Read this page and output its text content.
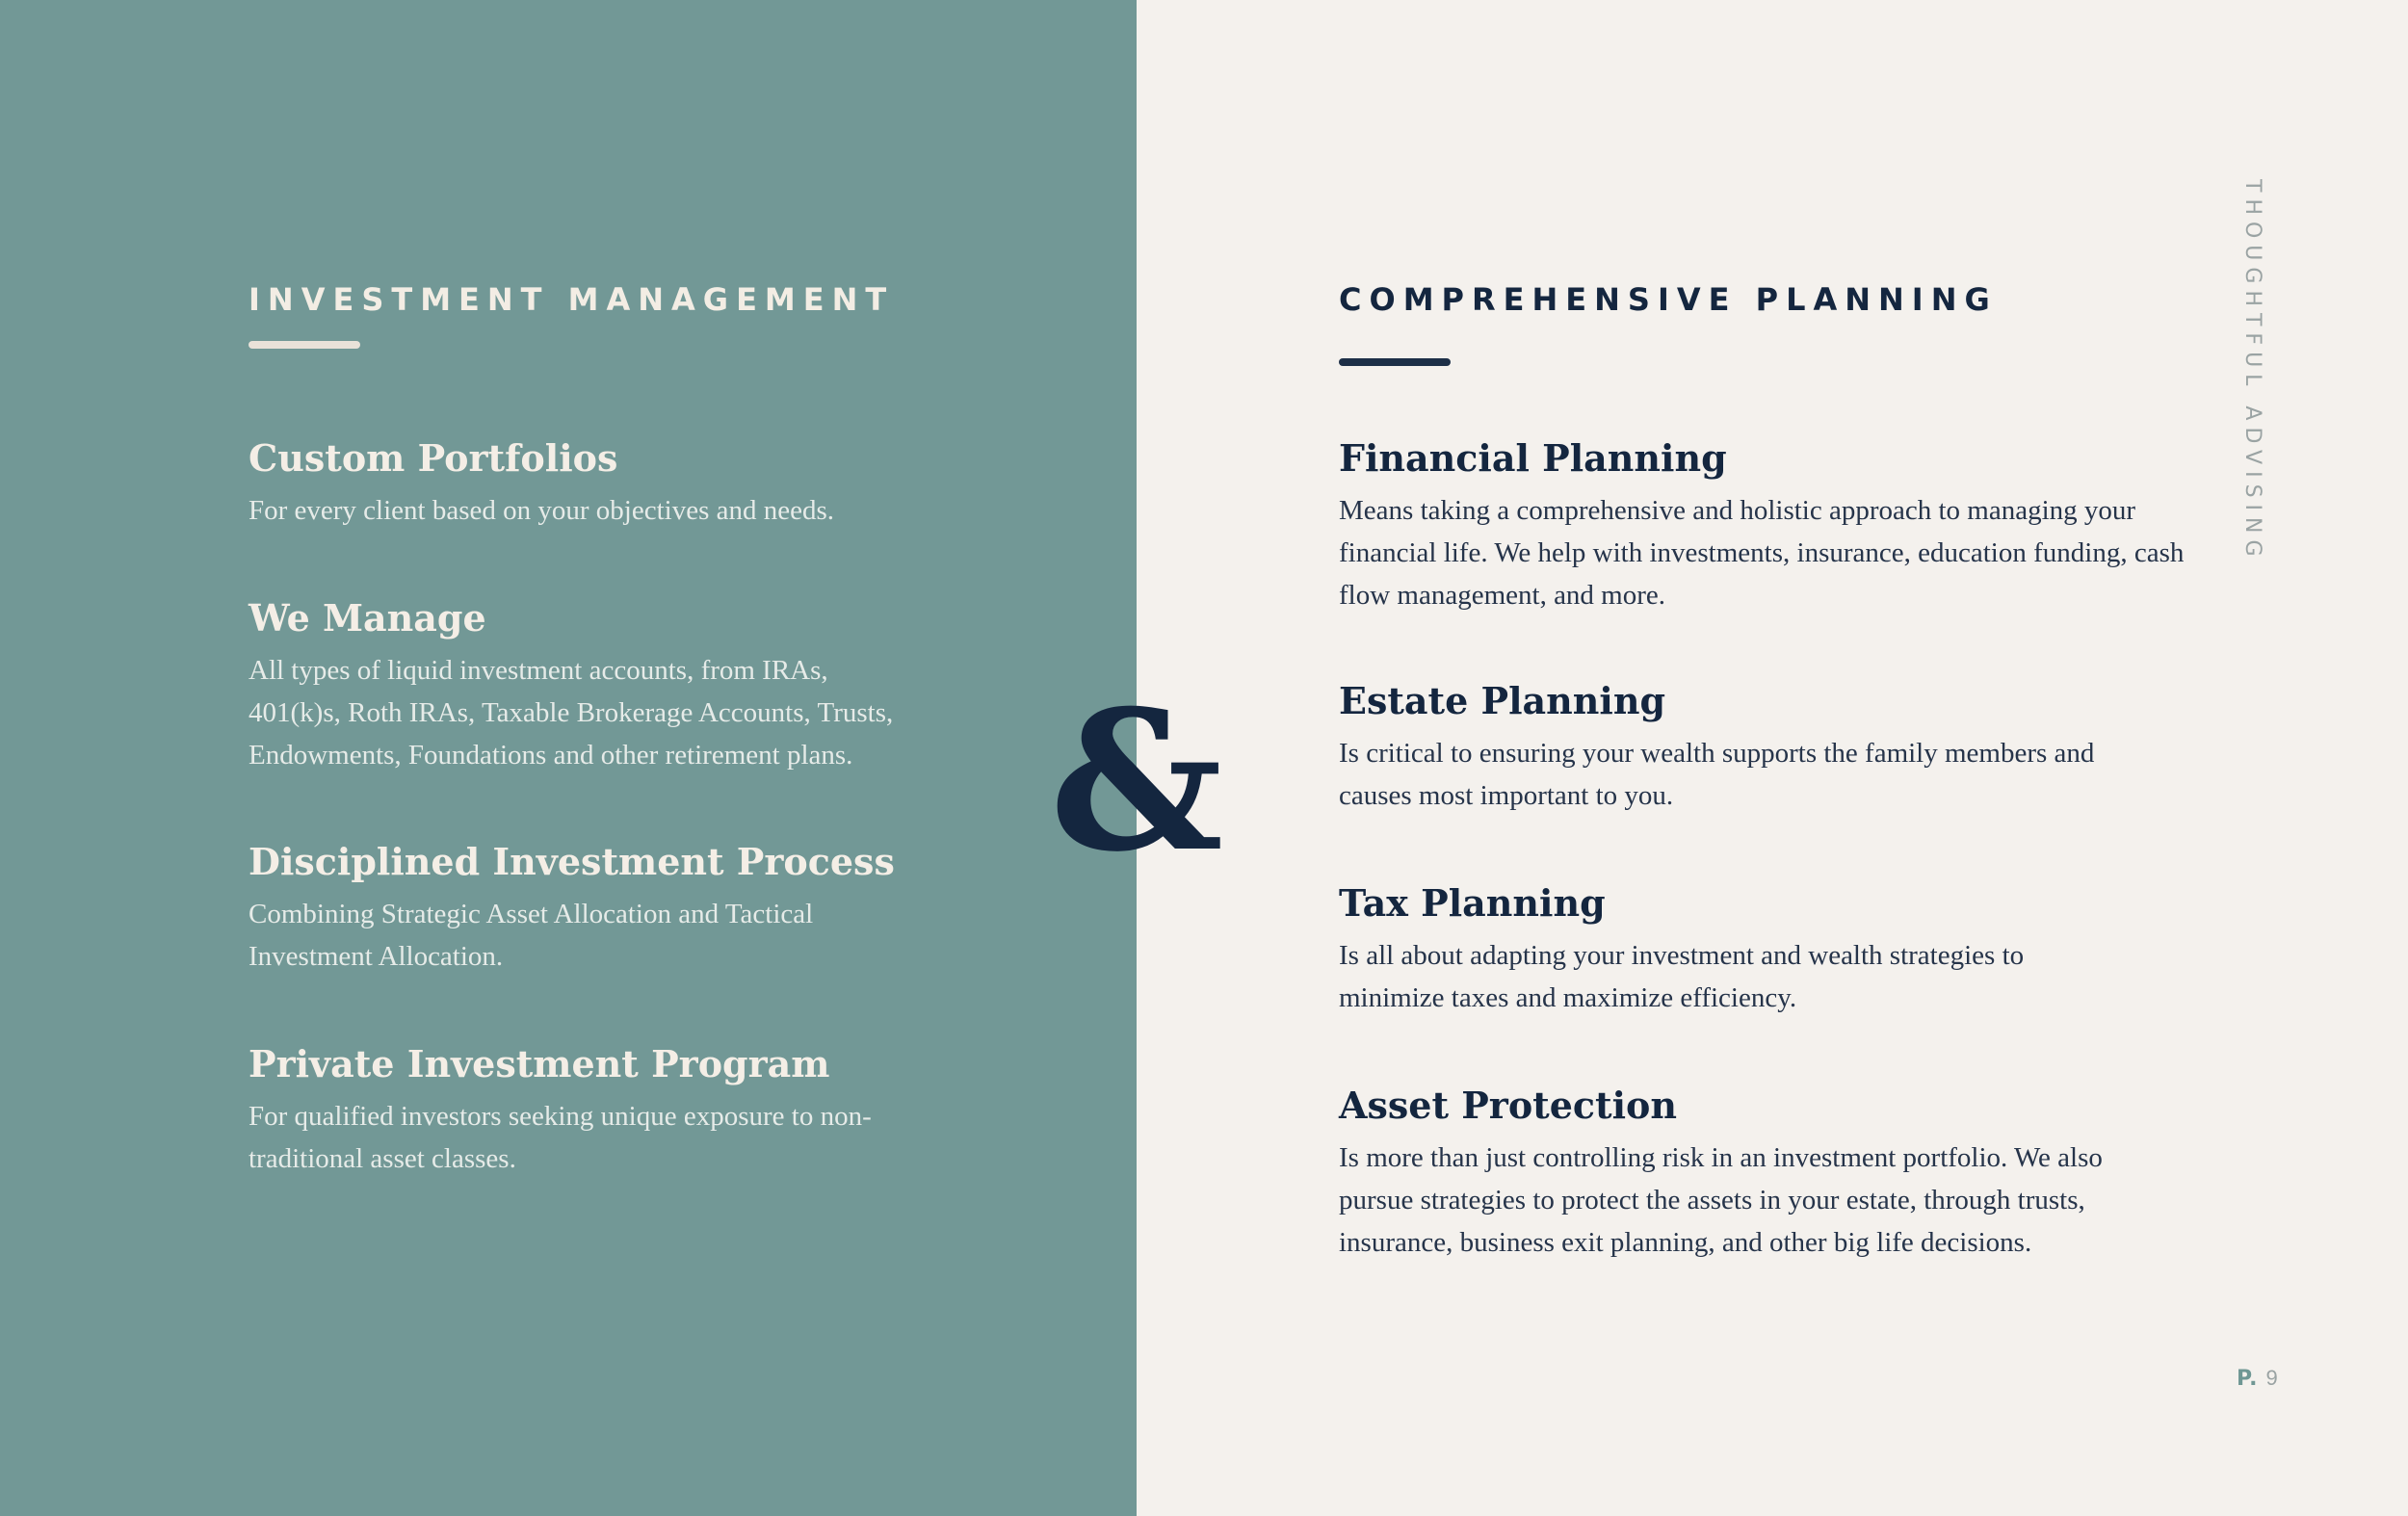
INVESTMENT MANAGEMENT
Custom Portfolios

For every client based on your objectives and needs.

We Manage

All types of liquid investment accounts, from IRAs, 401(k)s, Roth IRAs, Taxable Brokerage Accounts, Trusts, Endowments, Foundations and other retirement plans.

Disciplined Investment Process

Combining Strategic Asset Allocation and Tactical Investment Allocation.

Private Investment Program

For qualified investors seeking unique exposure to non-traditional asset classes.

&
COMPREHENSIVE PLANNING
Financial Planning

Means taking a comprehensive and holistic approach to managing your financial life. We help with investments, insurance, education funding, cash flow management, and more.

Estate Planning

Is critical to ensuring your wealth supports the family members and causes most important to you.

Tax Planning

Is all about adapting your investment and wealth strategies to minimize taxes and maximize efficiency.

Asset Protection

Is more than just controlling risk in an investment portfolio. We also pursue strategies to protect the assets in your estate, through trusts, insurance, business exit planning, and other big life decisions.

THOUGHTFUL ADVISING
P. 9
